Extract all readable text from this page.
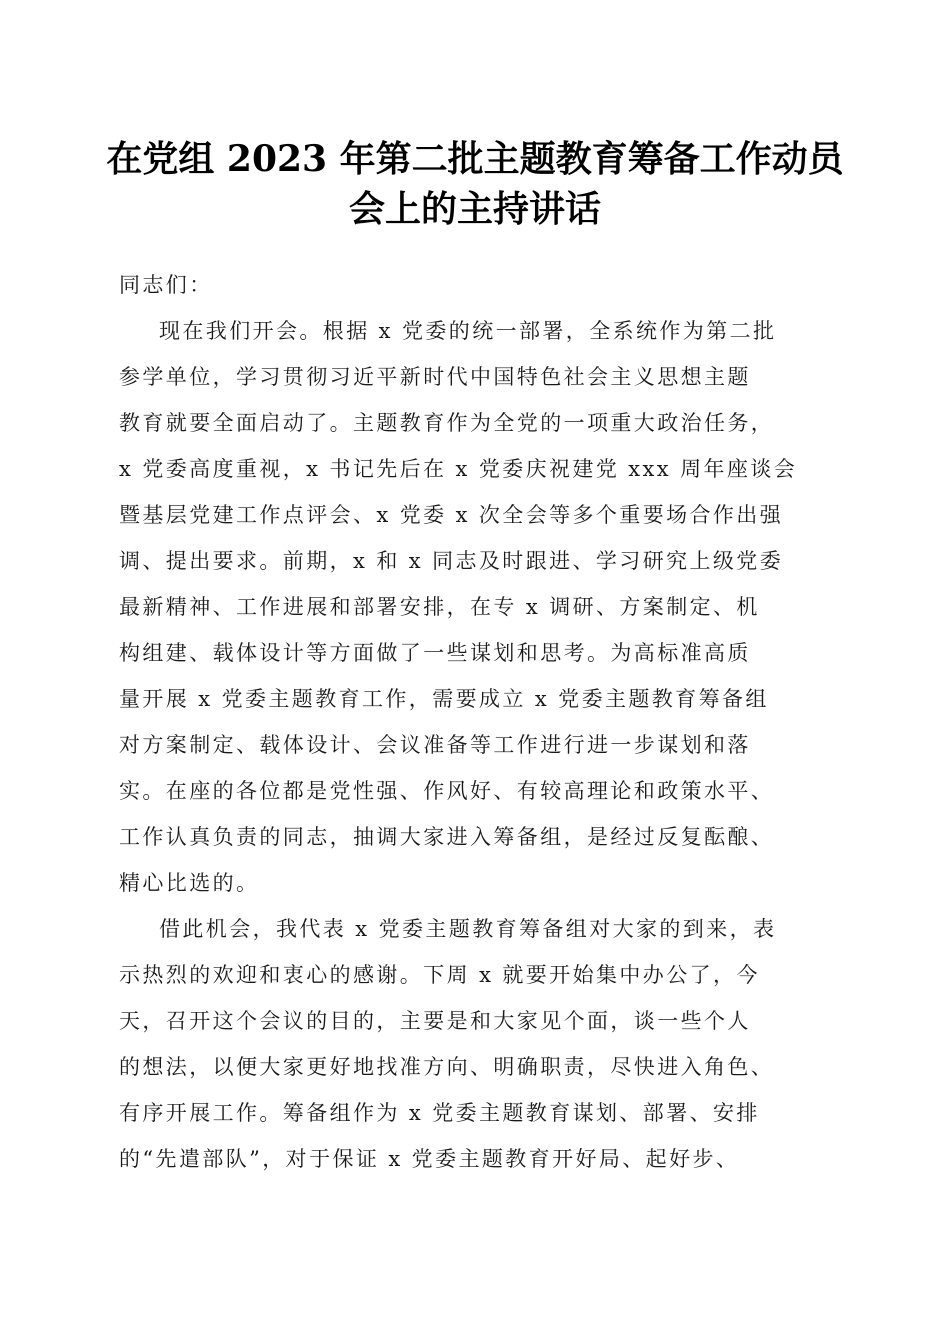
在党组 2023 年第二批主题教育筹备工作动员
会上的主持讲话

同志们：

现在我们开会。根据 x 党委的统一部署，全系统作为第二批
参学单位，学习贯彻习近平新时代中国特色社会主义思想主题
教育就要全面启动了。主题教育作为全党的一项重大政治任务，
x 党委高度重视，x 书记先后在 x 党委庆祝建党 xxx 周年座谈会
暨基层党建工作点评会、x 党委 x 次全会等多个重要场合作出强
调、提出要求。前期，x 和 x 同志及时跟进、学习研究上级党委
最新精神、工作进展和部署安排，在专 x 调研、方案制定、机
构组建、载体设计等方面做了一些谋划和思考。为高标准高质
量开展 x 党委主题教育工作，需要成立 x 党委主题教育筹备组
对方案制定、载体设计、会议准备等工作进行进一步谋划和落
实。在座的各位都是党性强、作风好、有较高理论和政策水平、
工作认真负责的同志，抽调大家进入筹备组，是经过反复酝酿、
精心比选的。
借此机会，我代表 x 党委主题教育筹备组对大家的到来，表
示热烈的欢迎和衷心的感谢。下周 x 就要开始集中办公了，今
天，召开这个会议的目的，主要是和大家见个面，谈一些个人
的想法，以便大家更好地找准方向、明确职责，尽快进入角色、
有序开展工作。筹备组作为 x 党委主题教育谋划、部署、安排
的“先遣部队”，对于保证 x 党委主题教育开好局、起好步、
